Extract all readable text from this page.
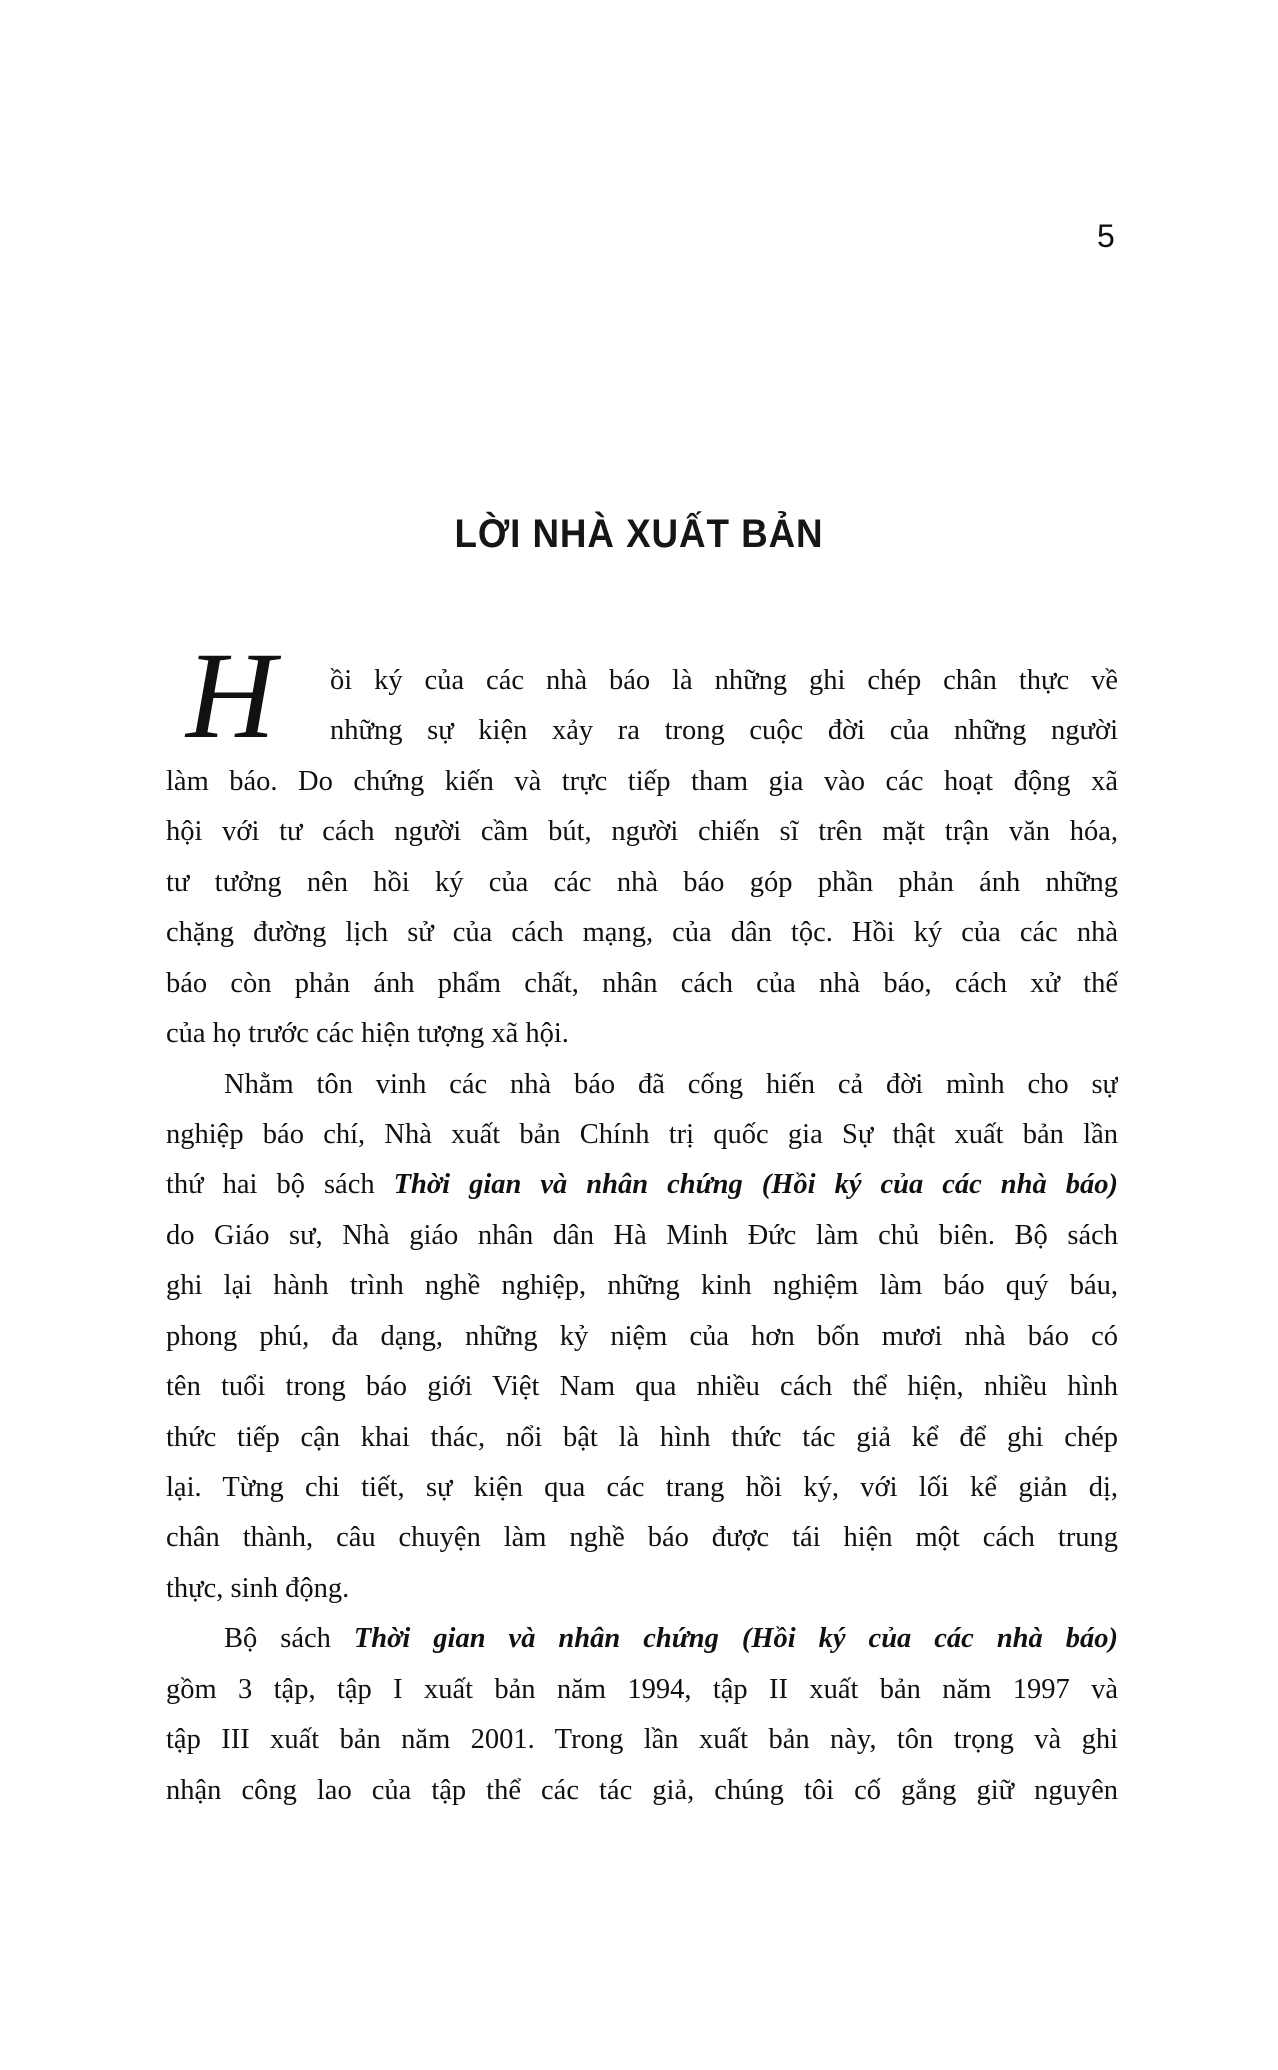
5
LỜI NHÀ XUẤT BẢN
H	ồi ký của các nhà báo là những ghi chép chân thực về
những sự kiện xảy ra trong cuộc đời của những người
làm báo. Do chứng kiến và trực tiếp tham gia vào các hoạt động xã
hội với tư cách người cầm bút, người chiến sĩ trên mặt trận văn hóa,
tư tưởng nên hồi ký của các nhà báo góp phần phản ánh những
chặng đường lịch sử của cách mạng, của dân tộc. Hồi ký của các nhà
báo còn phản ánh phẩm chất, nhân cách của nhà báo, cách xử thế
của họ trước các hiện tượng xã hội.
Nhằm tôn vinh các nhà báo đã cống hiến cả đời mình cho sự
nghiệp báo chí, Nhà xuất bản Chính trị quốc gia Sự thật xuất bản lần
thứ hai bộ sách Thời gian và nhân chứng (Hồi ký của các nhà báo)
do Giáo sư, Nhà giáo nhân dân Hà Minh Đức làm chủ biên. Bộ sách
ghi lại hành trình nghề nghiệp, những kinh nghiệm làm báo quý báu,
phong phú, đa dạng, những kỷ niệm của hơn bốn mươi nhà báo có
tên tuổi trong báo giới Việt Nam qua nhiều cách thể hiện, nhiều hình
thức tiếp cận khai thác, nổi bật là hình thức tác giả kể để ghi chép
lại. Từng chi tiết, sự kiện qua các trang hồi ký, với lối kể giản dị,
chân thành, câu chuyện làm nghề báo được tái hiện một cách trung
thực, sinh động.
Bộ sách Thời gian và nhân chứng (Hồi ký của các nhà báo)
gồm 3 tập, tập I xuất bản năm 1994, tập II xuất bản năm 1997 và
tập III xuất bản năm 2001. Trong lần xuất bản này, tôn trọng và ghi
nhận công lao của tập thể các tác giả, chúng tôi cố gắng giữ nguyên
